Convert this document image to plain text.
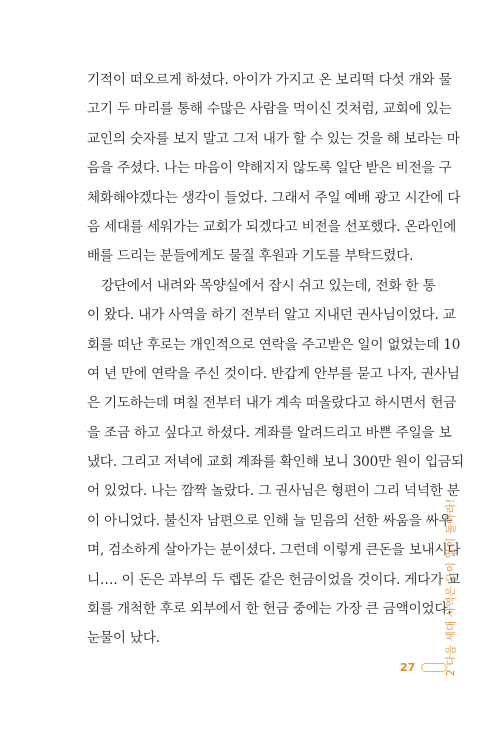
기적이 떠오르게 하셨다. 아이가 가지고 온 보리떡 다섯 개와 물
고기 두 마리를 통해 수많은 사람을 먹이신 것처럼, 교회에 있는
교인의 숫자를 보지 말고 그저 내가 할 수 있는 것을 해 보라는 마
음을 주셨다. 나는 마음이 약해지지 않도록 일단 받은 비전을 구
체화해야겠다는 생각이 들었다. 그래서 주일 예배 광고 시간에 다
음 세대를 세워가는 교회가 되겠다고 비전을 선포했다. 온라인에
배를 드리는 분들에게도 물질 후원과 기도를 부탁드렸다.

강단에서 내려와 목양실에서 잠시 쉬고 있는데, 전화 한 통
이 왔다. 내가 사역을 하기 전부터 알고 지내던 권사님이었다. 교
회를 떠난 후로는 개인적으로 연락을 주고받은 일이 없었는데 10
여 년 만에 연락을 주신 것이다. 반갑게 안부를 묻고 나자, 권사님
은 기도하는데 며칠 전부터 내가 계속 떠올랐다고 하시면서 헌금
을 조금 하고 싶다고 하셨다. 계좌를 알려드리고 바쁜 주일을 보
냈다. 그리고 저녁에 교회 계좌를 확인해 보니 300만 원이 입금되
어 있었다. 나는 깜짝 놀랐다. 그 권사님은 형편이 그리 넉넉한 분
이 아니었다. 불신자 남편으로 인해 늘 믿음의 선한 싸움을 싸우
며, 검소하게 살아가는 분이셨다. 그런데 이렇게 큰돈을 보내시다
니…. 이 돈은 과부의 두 렙돈 같은 헌금이었을 것이다. 게다가 교
회를 개척한 후로 외부에서 한 헌금 중에는 가장 큰 금액이었다.
눈물이 났다.

27	2 다음 세대 사역은 모이 없이 돌아라!
